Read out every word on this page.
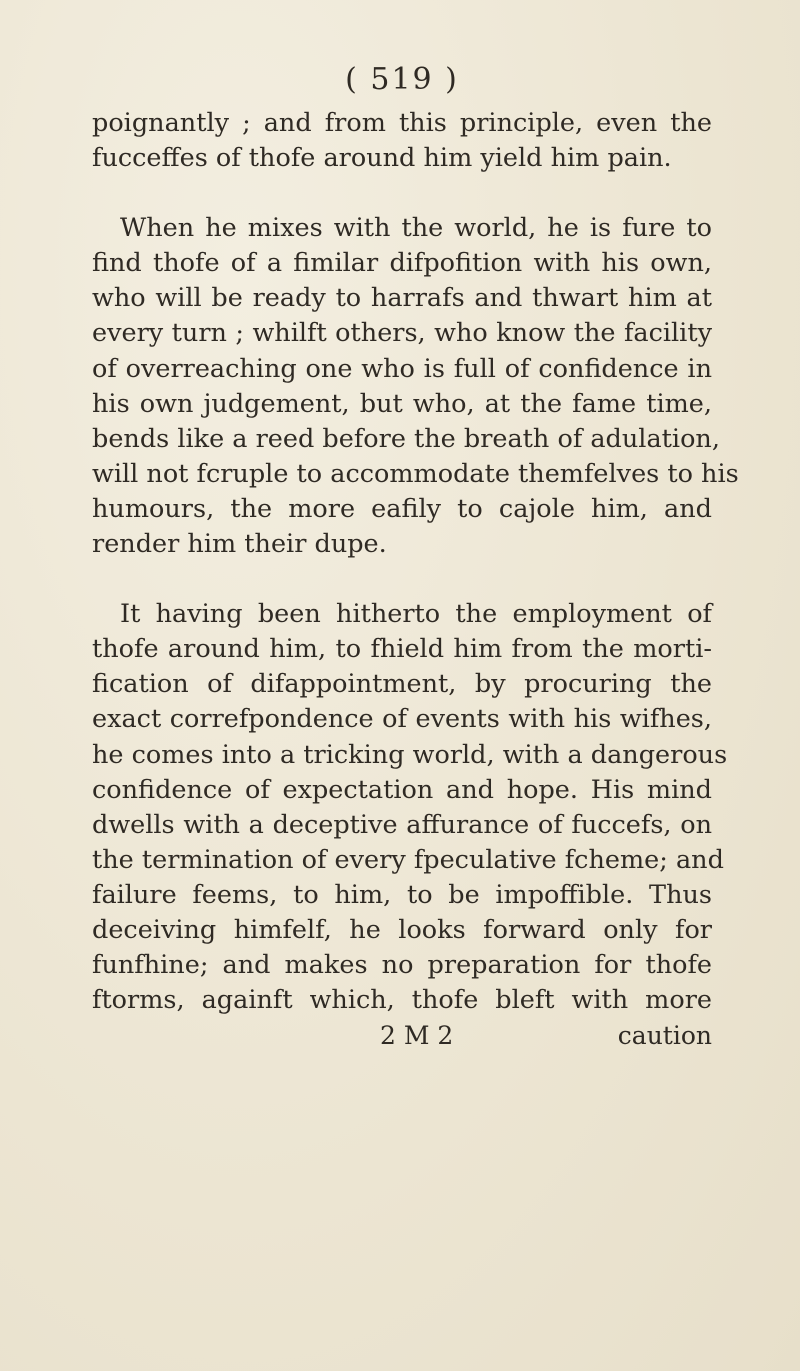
( 519 )

poignantly ; and from this principle, even the
fucceffes of thofe around him yield him pain.

When he mixes with the world, he is fure to
find thofe of a fimilar difpofition with his own,
who will be ready to harrafs and thwart him at
every turn ; whilft others, who know the facility
of overreaching one who is full of confidence in
his own judgement, but who, at the fame time,
bends like a reed before the breath of adulation,
will not fcruple to accommodate themfelves to his
humours, the more eafily to cajole him, and
render him their dupe.

It having been hitherto the employment of
thofe around him, to fhield him from the morti-
fication of difappointment, by procuring the
exact correfpondence of events with his wifhes,
he comes into a tricking world, with a dangerous
confidence of expectation and hope. His mind
dwells with a deceptive affurance of fuccefs, on
the termination of every fpeculative fcheme; and
failure feems, to him, to be impoffible. Thus
deceiving himfelf, he looks forward only for
funfhine; and makes no preparation for thofe
ftorms, againft which, thofe bleft with more

2 M 2	caution
